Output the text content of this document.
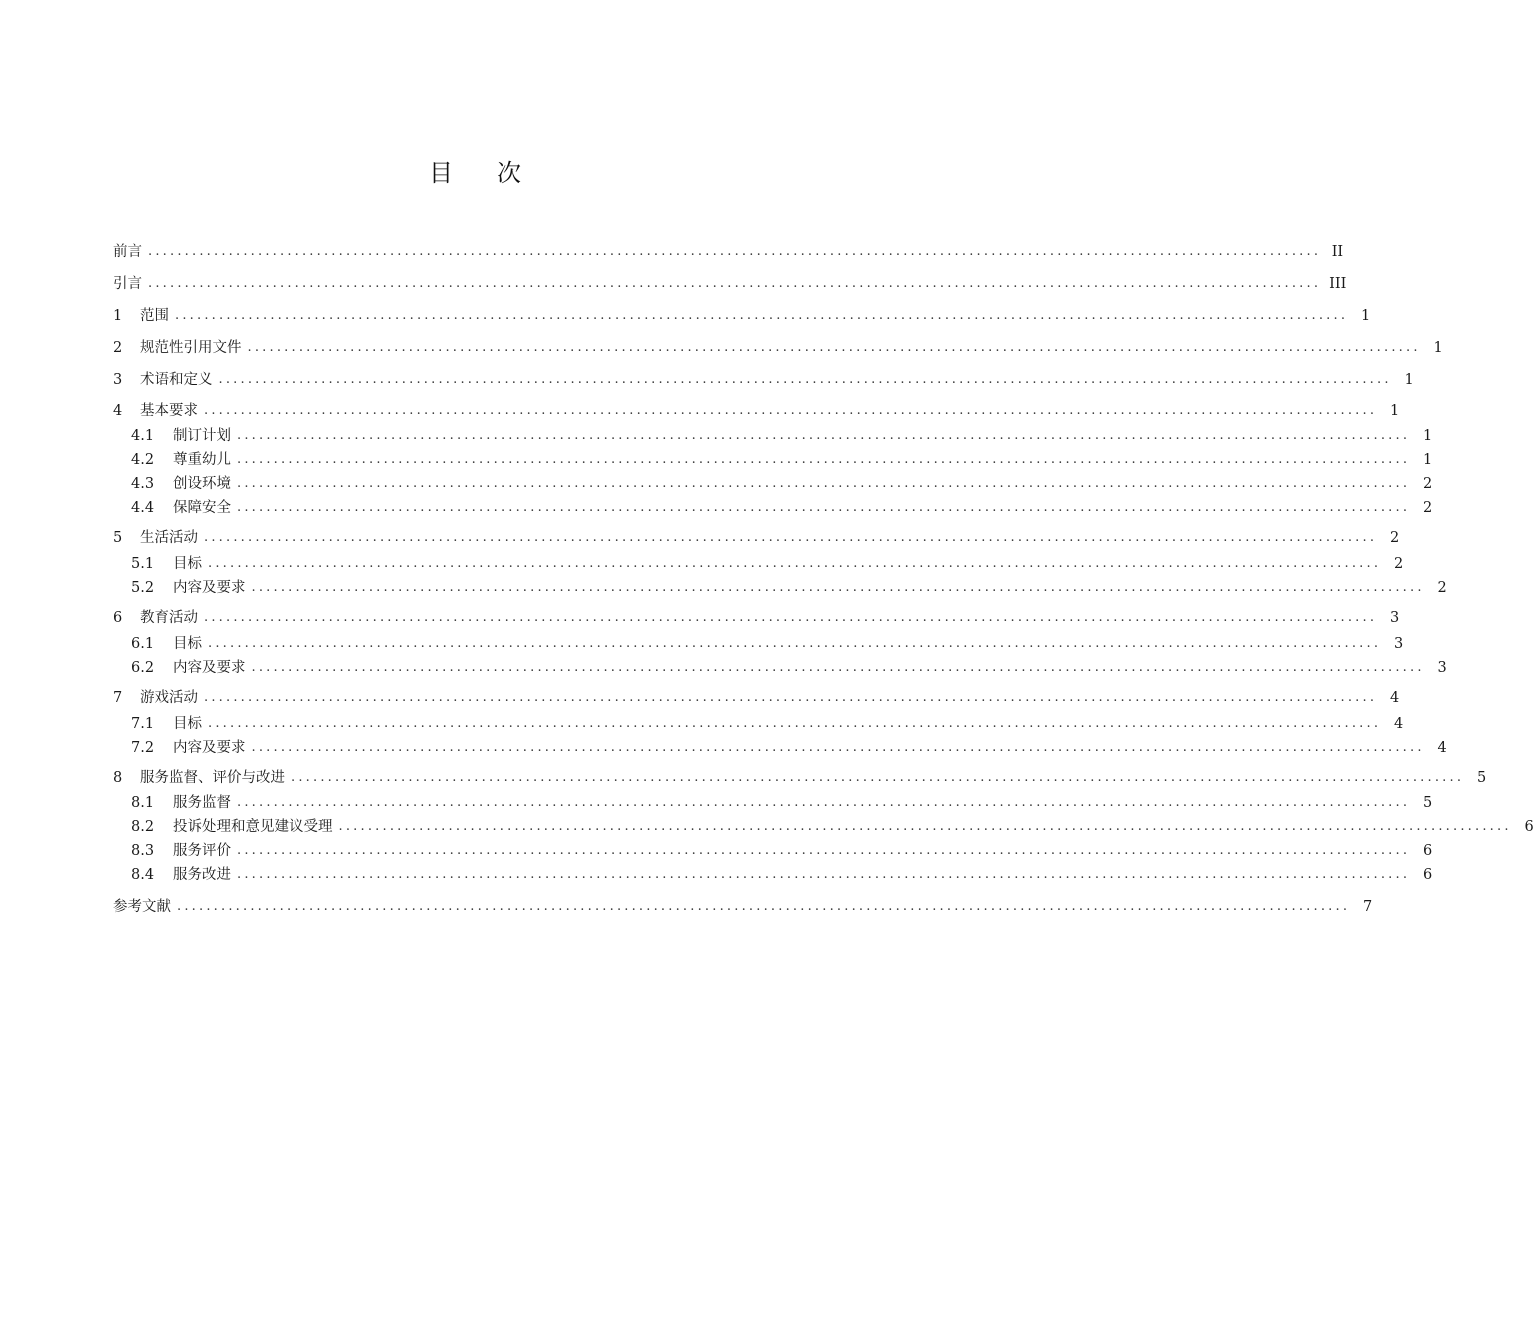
目 次
前言 ................................................................................................................................................................ II
引言 ................................................................................................................................................................ III
1	范围 ................................................................................................................................................................ 1
2	规范性引用文件 ................................................................................................................................................................ 1
3	术语和定义 ................................................................................................................................................................ 1
4	基本要求 ................................................................................................................................................................ 1
4.1	制订计划 ................................................................................................................................................................ 1
4.2	尊重幼儿 ................................................................................................................................................................ 1
4.3	创设环境 ................................................................................................................................................................ 2
4.4	保障安全 ................................................................................................................................................................ 2
5	生活活动 ................................................................................................................................................................ 2
5.1	目标 ................................................................................................................................................................ 2
5.2	内容及要求 ................................................................................................................................................................ 2
6	教育活动 ................................................................................................................................................................ 3
6.1	目标 ................................................................................................................................................................ 3
6.2	内容及要求 ................................................................................................................................................................ 3
7	游戏活动 ................................................................................................................................................................ 4
7.1	目标 ................................................................................................................................................................ 4
7.2	内容及要求 ................................................................................................................................................................ 4
8	服务监督、评价与改进 ................................................................................................................................................................ 5
8.1	服务监督 ................................................................................................................................................................ 5
8.2	投诉处理和意见建议受理 ................................................................................................................................................................ 6
8.3	服务评价 ................................................................................................................................................................ 6
8.4	服务改进 ................................................................................................................................................................ 6
参考文献 ................................................................................................................................................................ 7
